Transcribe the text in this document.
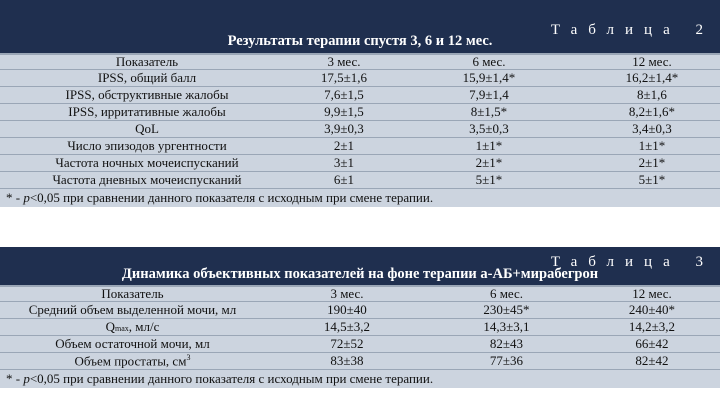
Таблица 2
Результаты терапии спустя 3, 6 и 12 мес.
Показатель	3 мес.	6 мес.	12 мес.
IPSS, общий балл	17,5±1,6	15,9±1,4*	16,2±1,4*
IPSS, обструктивные жалобы	7,6±1,5	7,9±1,4	8±1,6
IPSS, ирритативные жалобы	9,9±1,5	8±1,5*	8,2±1,6*
QoL	3,9±0,3	3,5±0,3	3,4±0,3
Число эпизодов ургентности	2±1	1±1*	1±1*
Частота ночных мочеиспусканий	3±1	2±1*	2±1*
Частота дневных мочеиспусканий	6±1	5±1*	5±1*
* - p<0,05 при сравнении данного показателя с исходным при смене терапии.
Таблица 3
Динамика объективных показателей на фоне терапии а-АБ+мирабегрон
Показатель	3 мес.	6 мес.	12 мес.
Средний объем выделенной мочи, мл	190±40	230±45*	240±40*
Qmax, мл/с	14,5±3,2	14,3±3,1	14,2±3,2
Объем остаточной мочи, мл	72±52	82±43	66±42
Объем простаты, $см^3$	83±38	77±36	82±42
* - p<0,05 при сравнении данного показателя с исходным при смене терапии.
